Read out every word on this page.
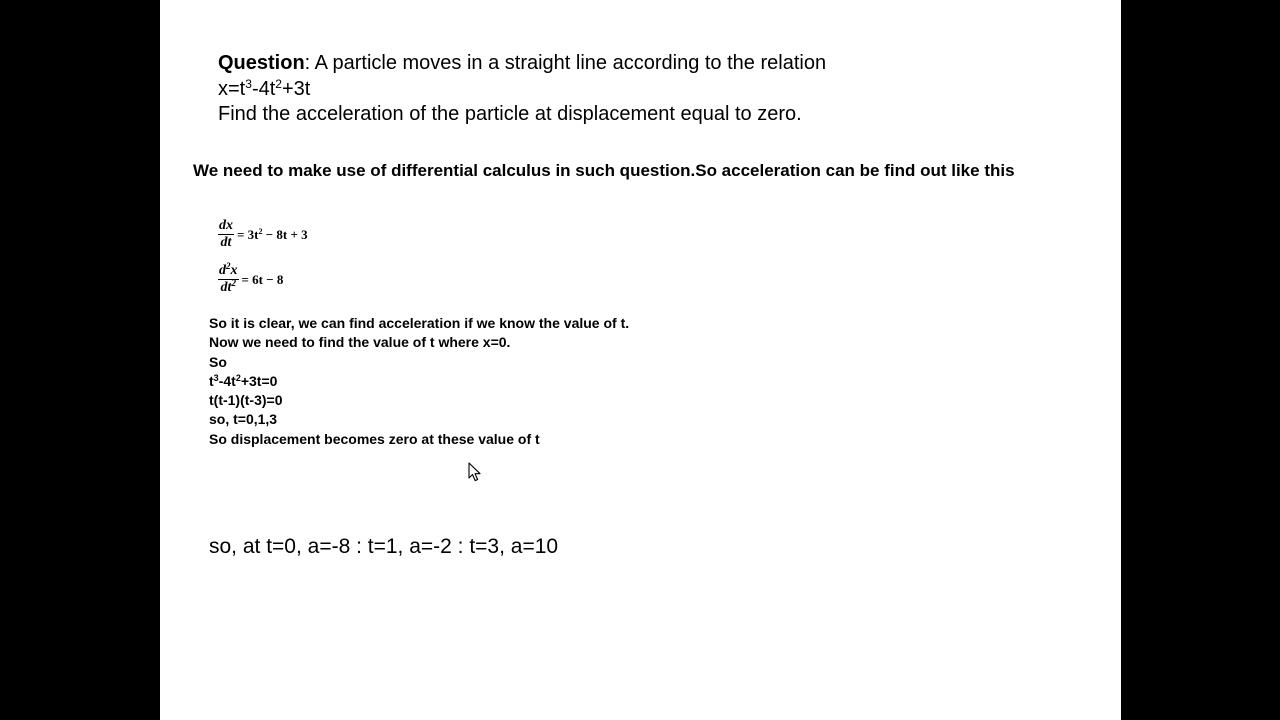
Question: A particle moves in a straight line according to the relation
$x=t^3-4t^2+3t$
Find the acceleration of the particle at displacement equal to zero.
We need to make use of differential calculus in such question.So acceleration can be find out like this
$\frac{dx}{dt} = 3t^2 - 8t + 3$
$\frac{d^2x}{dt^2} = 6t - 8$
So it is clear, we can find acceleration if we know the value of t.
Now we need to find the value of t where x=0.
So
$t^3-4t^2+3t=0$
t(t-1)(t-3)=0
so, t=0,1,3
So displacement becomes zero at these value of t
so, at t=0, a=-8 : t=1, a=-2 : t=3, a=10
